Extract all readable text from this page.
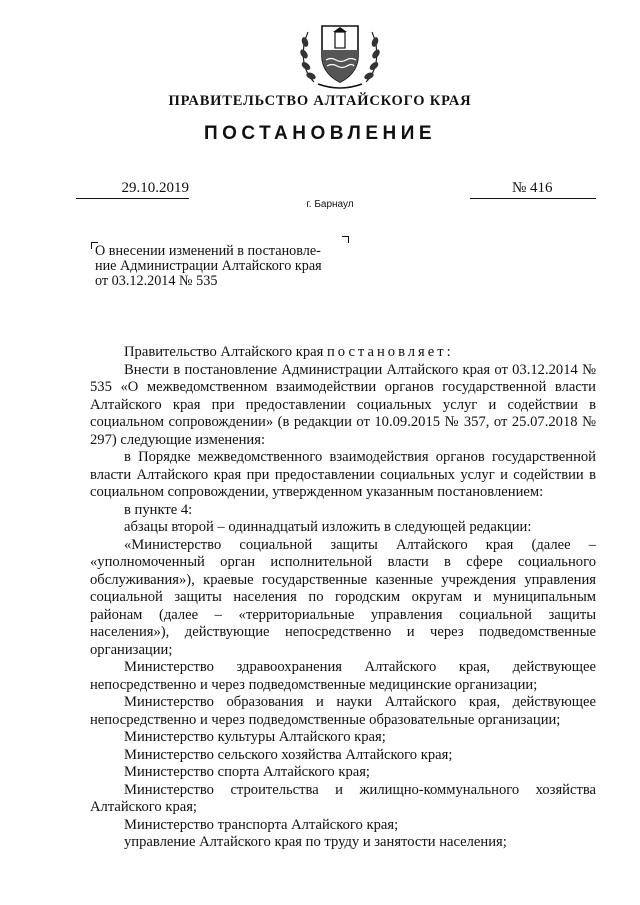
ПРАВИТЕЛЬСТВО АЛТАЙСКОГО КРАЯ
ПОСТАНОВЛЕНИЕ
29.10.2019	№ 416
г. Барнаул
О внесении изменений в постановле-
ние Администрации Алтайского края
от 03.12.2014 № 535

Правительство Алтайского края постановляет:

Внести в постановление Администрации Алтайского края от 03.12.2014 № 535 «О межведомственном взаимодействии органов государственной власти Алтайского края при предоставлении социальных услуг и содействии в социальном сопровождении» (в редакции от 10.09.2015 № 357, от 25.07.2018 № 297) следующие изменения:

в Порядке межведомственного взаимодействия органов государственной власти Алтайского края при предоставлении социальных услуг и содействии в социальном сопровождении, утвержденном указанным постановлением:

в пункте 4:

абзацы второй – одиннадцатый изложить в следующей редакции:

«Министерство социальной защиты Алтайского края (далее – «уполномоченный орган исполнительной власти в сфере социального обслуживания»), краевые государственные казенные учреждения управления социальной защиты населения по городским округам и муниципальным районам (далее – «территориальные управления социальной защиты населения»), действующие непосредственно и через подведомственные организации;

Министерство здравоохранения Алтайского края, действующее непосредственно и через подведомственные медицинские организации;

Министерство образования и науки Алтайского края, действующее непосредственно и через подведомственные образовательные организации;

Министерство культуры Алтайского края;

Министерство сельского хозяйства Алтайского края;

Министерство спорта Алтайского края;

Министерство строительства и жилищно-коммунального хозяйства Алтайского края;

Министерство транспорта Алтайского края;

управление Алтайского края по труду и занятости населения;
